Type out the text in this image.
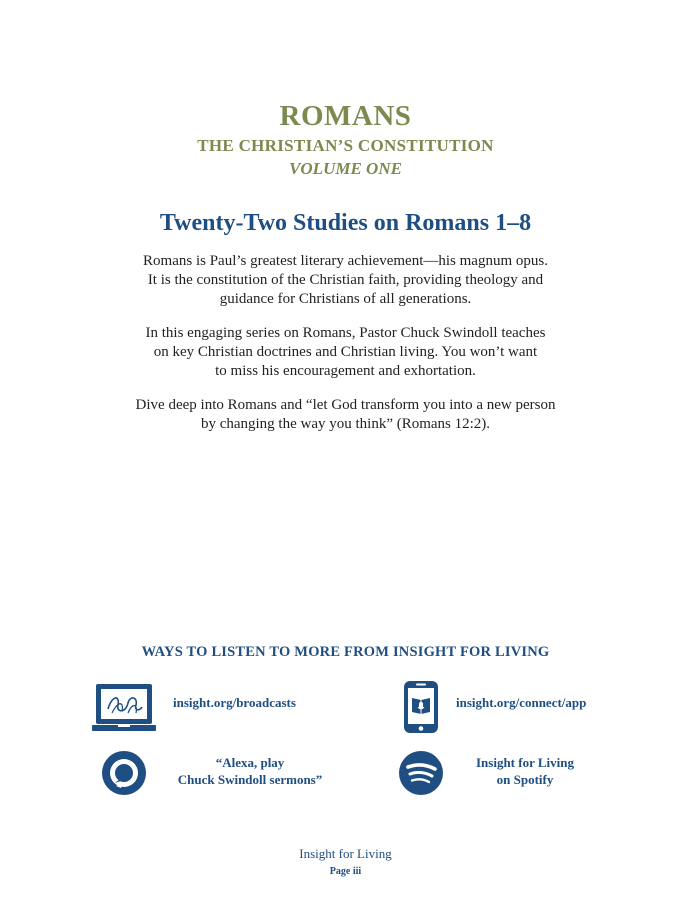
ROMANS
THE CHRISTIAN’S CONSTITUTION
VOLUME ONE
Twenty-Two Studies on Romans 1–8
Romans is Paul’s greatest literary achievement—his magnum opus.
It is the constitution of the Christian faith, providing theology and
guidance for Christians of all generations.
In this engaging series on Romans, Pastor Chuck Swindoll teaches
on key Christian doctrines and Christian living. You won’t want
to miss his encouragement and exhortation.
Dive deep into Romans and “let God transform you into a new person
by changing the way you think” (Romans 12:2).
WAYS TO LISTEN TO MORE FROM INSIGHT FOR LIVING
insight.org/broadcasts	insight.org/connect/app
“Alexa, play
Chuck Swindoll sermons”
Insight for Living
on Spotify
Insight for Living
Page iii
